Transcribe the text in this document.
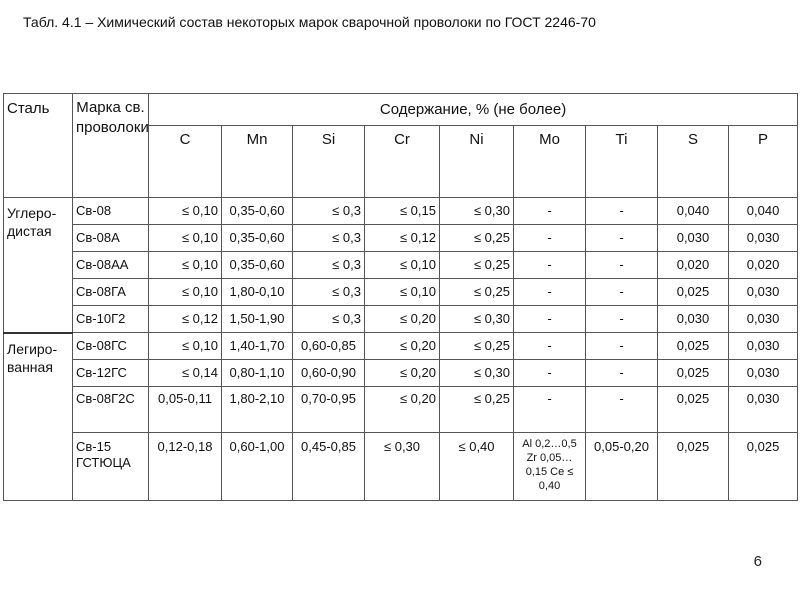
Табл. 4.1 – Химический состав некоторых марок сварочной проволоки по ГОСТ 2246-70
Сталь	Марка св. проволоки	Содержание, % (не более)								
		C	Mn	Si	Cr	Ni	Mo	Ti	S	P
Углеро-дистая	Св-08	≤ 0,10	0,35-0,60	≤ 0,3	≤ 0,15	≤ 0,30	-	-	0,040	0,040
	Св-08А	≤ 0,10	0,35-0,60	≤ 0,3	≤ 0,12	≤ 0,25	-	-	0,030	0,030
	Св-08АА	≤ 0,10	0,35-0,60	≤ 0,3	≤ 0,10	≤ 0,25	-	-	0,020	0,020
	Св-08ГА	≤ 0,10	1,80-0,10	≤ 0,3	≤ 0,10	≤ 0,25	-	-	0,025	0,030
	Св-10Г2	≤ 0,12	1,50-1,90	≤ 0,3	≤ 0,20	≤ 0,30	-	-	0,030	0,030
Легиро-ванная	Св-08ГС	≤ 0,10	1,40-1,70	0,60-0,85	≤ 0,20	≤ 0,25	-	-	0,025	0,030
	Св-12ГС	≤ 0,14	0,80-1,10	0,60-0,90	≤ 0,20	≤ 0,30	-	-	0,025	0,030
	Св-08Г2С	0,05-0,11	1,80-2,10	0,70-0,95	≤ 0,20	≤ 0,25	-	-	0,025	0,030
	Св-15 ГСТЮЦА	0,12-0,18	0,60-1,00	0,45-0,85	≤ 0,30	≤ 0,40	Al 0,2…0,5 Zr 0,05…0,15 Ce ≤ 0,40	0,05-0,20	0,025	0,025
6
